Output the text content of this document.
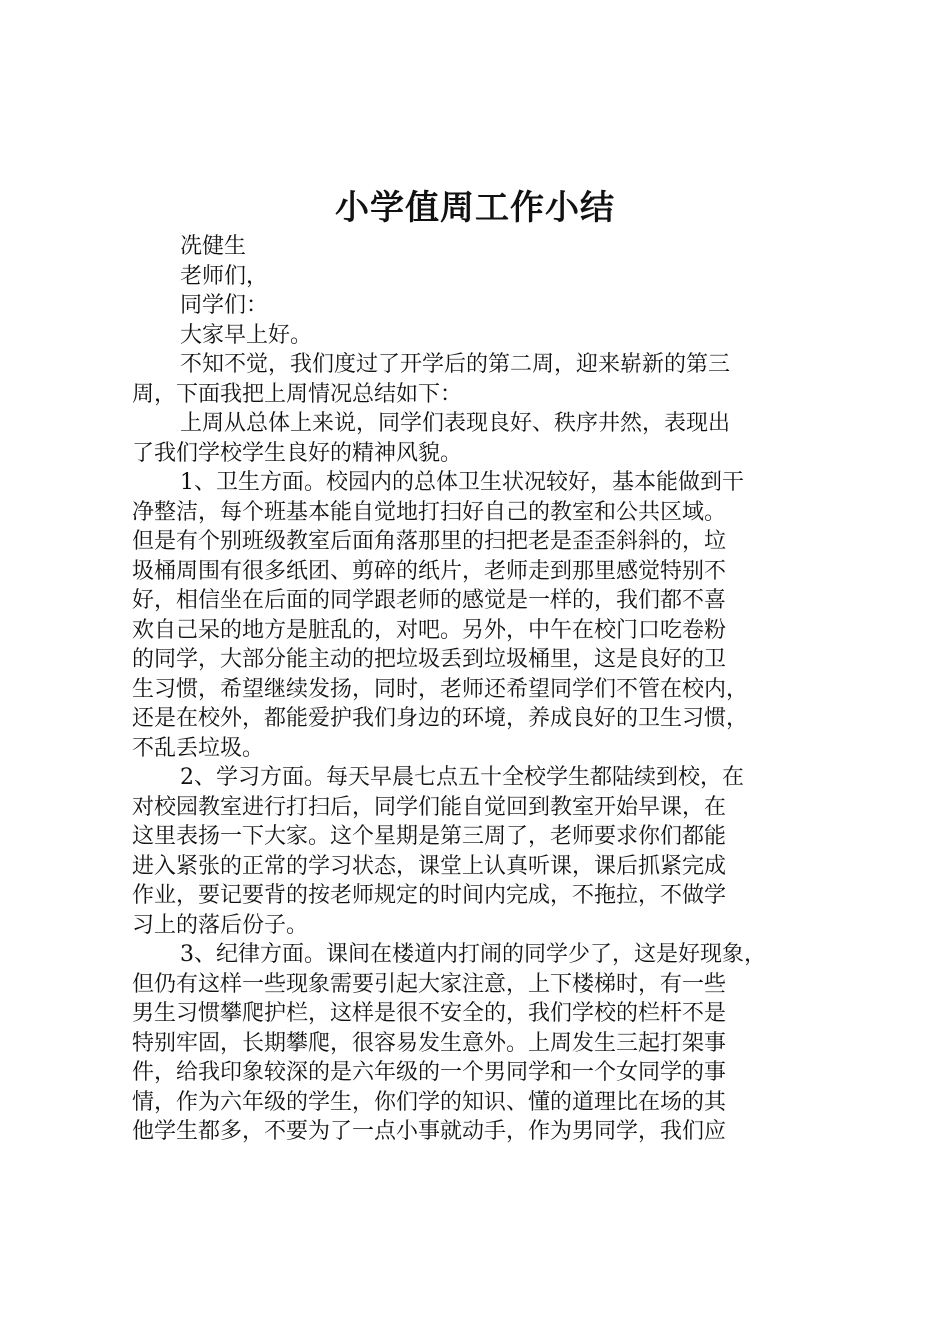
小学值周工作小结

冼健生

老师们，

同学们：

大家早上好。

不知不觉，我们度过了开学后的第二周，迎来崭新的第三

周，下面我把上周情况总结如下：

上周从总体上来说，同学们表现良好、秩序井然，表现出

了我们学校学生良好的精神风貌。

1、卫生方面。校园内的总体卫生状况较好，基本能做到干

净整洁，每个班基本能自觉地打扫好自己的教室和公共区域。

但是有个别班级教室后面角落那里的扫把老是歪歪斜斜的，垃

圾桶周围有很多纸团、剪碎的纸片，老师走到那里感觉特别不

好，相信坐在后面的同学跟老师的感觉是一样的，我们都不喜

欢自己呆的地方是脏乱的，对吧。另外，中午在校门口吃卷粉

的同学，大部分能主动的把垃圾丢到垃圾桶里，这是良好的卫

生习惯，希望继续发扬，同时，老师还希望同学们不管在校内，

还是在校外，都能爱护我们身边的环境，养成良好的卫生习惯，

不乱丢垃圾。

2、学习方面。每天早晨七点五十全校学生都陆续到校，在

对校园教室进行打扫后，同学们能自觉回到教室开始早课，在

这里表扬一下大家。这个星期是第三周了，老师要求你们都能

进入紧张的正常的学习状态，课堂上认真听课，课后抓紧完成

作业，要记要背的按老师规定的时间内完成，不拖拉，不做学

习上的落后份子。

3、纪律方面。课间在楼道内打闹的同学少了，这是好现象，

但仍有这样一些现象需要引起大家注意，上下楼梯时，有一些

男生习惯攀爬护栏，这样是很不安全的，我们学校的栏杆不是

特别牢固，长期攀爬，很容易发生意外。上周发生三起打架事

件，给我印象较深的是六年级的一个男同学和一个女同学的事

情，作为六年级的学生，你们学的知识、懂的道理比在场的其

他学生都多，不要为了一点小事就动手，作为男同学，我们应
